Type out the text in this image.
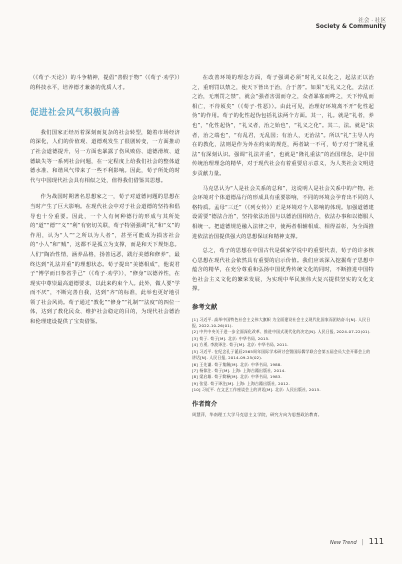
社会 · 社区
Society & Community

（《荀子·天论》）的斗争精神，提倡“善假于物”（《荀子·劝学》）的科技水平，培养德才兼备的优质人才。

促进社会风气积极向善

我们国家正经历着深刻而复杂的社会转型，随着市场经济的深化，人们的价值观、道德观发生了很剧转变，一方面推动了社会道德提升，另一方面也暴露了伤风败俗、道德滑坡、道德缺失等一系列社会问题，在一定程度上给我们社会的整体道德水准、和谐风气带来了一些不利影响。因此，荀子所处的时代与中国现代社会具有相似之处，值得我们借鉴其思想。

作为战国时期著名思想家之一，荀子对道德问题的思想在当时产生了巨大影响。在现代社会中对于社会道德的坚持和倡导也十分重要。因此，一个人有何种德行的形成与其所处的“道”“德”“义”“利”有密切关联，荀子特别强调“礼”和“义”的作用，认为“人”“之所以为人者”，甚至可能成为损害社会的“小人”和“贼”，这都不是孤立为支撑，而是和天下规矩息。人们“陶冶性情，涵养品格，扬善远恶，践行美德和修养”，最终达到“礼法并重”的理想状态。荀子提出“美德相成”，他说君子“博学而日参省乎己”（《荀子·劝学》），“修身”以德养性，在现实中尊崇最高道德要求，以此来约束个人。此外，做人要“学而不厌”，不断完善自我，达到“齐”的标准，此举也更好地引领了社会风尚。荀子通过“教化”“修身”“礼制”“法度”的四位一体，达到了教化民众、维护社会稳定的目的，为现代社会德治和伦理建设提供了宝贵借鉴。

在改善环境的理念方面，荀子强调必须“时礼义以化之，起法正以治之，重刑罚以禁之，使天下皆出于治，合于善”。如果“无礼义之化，去法正之治，无刑罚之禁”，就会“强者害弱而夺之，众者暴寡而哗之，天下悖乱而相亡，不待顷矣”（《荀子·性恶》）。由此可见，治理好环境离不开“化性起伪”的作用。荀子的化性起伪包括礼法两个方面。其一，礼。就是“礼者，养也”，“化性起伪”，“礼义者，治之始也”，“礼义之化”。其二，法。就是“法者，治之端也”，“有乱君，无乱国；有治人，无治法”。所以“礼”主导人内在的教化，法则是作为外在约束的规范，两者缺一不可，荀子对于“隆礼重法”有深刻认识。强调“礼法并重”，也就是“隆礼重法”的治国理念，是中国传统治理理念的精华，对于现代社会有着重要启示意义，为人类社会文明进步贡献力量。

马克思认为“人是社会关系的总和”，这说明人是社会关系中的产物。社会环境对个体道德品行的形成具有重要影响，不同的环境会孕育出不同的人格特质。孟母“三迁”（《列女传》）正是环境对个人影响的体现。加强道德建设需要“德法合治”，坚持依法治国与以德治国相结合，依法办事和以德服人相统一。把道德规范融入法律之中，使两者相辅相成、相得益彰，为全面推进依法治国提供强大的思想保证和精神支撑。

总之，荀子的思想在中国古代是儒家学说中的重要代表，荀子的许多核心思想在现代社会依然具有重要的启示价值。我们应该深入挖掘荀子思想中蕴含的精华，在充分尊重和弘扬中国优秀传统文化的同时，不断推进中国特色社会主义文化的繁荣发展，为实现中华民族伟大复兴提供坚实的文化支撑。

参考文献
[1] 习近平. 高举中国特色社会主义伟大旗帜 为全面建设社会主义现代化国家而团结奋斗[N]. 人民日报, 2022-10-26(01).
[2] 中共中央关于进一步全面深化改革、推进中国式现代化的决定[N]. 人民日报, 2024-07-22(01).
[3] 荀子. 荀子[M]. 北京: 中华书局, 2015.
[4] 方勇, 李波译注. 荀子[M]. 北京: 中华书局, 2011.
[5] 习近平. 在纪念孔子诞辰2565周年国际学术研讨会暨国际儒学联合会第五届会员大会开幕会上的讲话[N]. 人民日报, 2014-09-25(02).
[6] 王先谦. 荀子集解[M]. 北京: 中华书局, 1988.
[7] 杨倞注. 荀子[M]. 上海: 上海古籍出版社, 2014.
[8] 梁启雄. 荀子简释[M]. 北京: 中华书局, 1983.
[9] 张觉. 荀子译注[M]. 上海: 上海古籍出版社, 2012.
[10] 习近平. 在文艺工作座谈会上的讲话[M]. 北京: 人民出版社, 2015.
作者简介
周慧萍，华南理工大学马克思主义学院，研究方向为思想政治教育。
New Trend | 111
